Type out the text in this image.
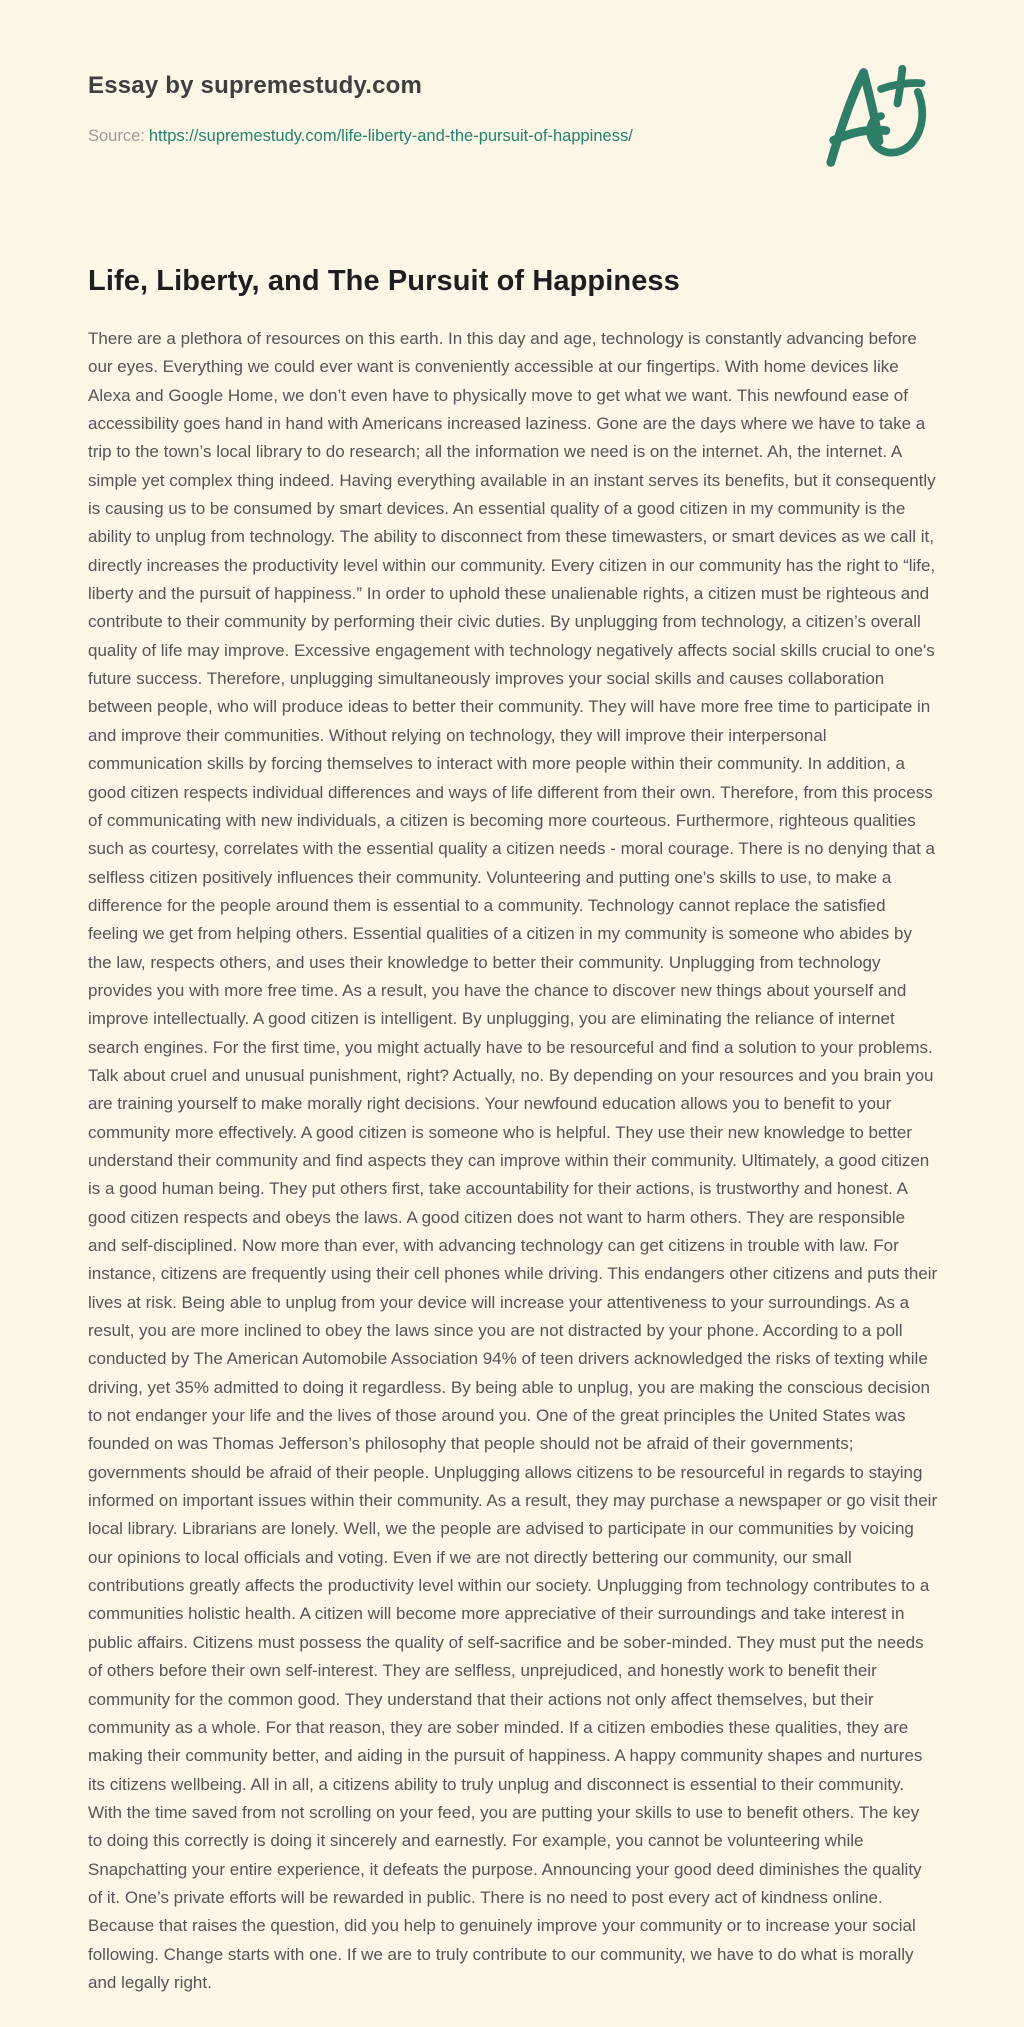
Essay by supremestudy.com

Source: https://supremestudy.com/life-liberty-and-the-pursuit-of-happiness/

Life, Liberty, and The Pursuit of Happiness

There are a plethora of resources on this earth. In this day and age, technology is constantly advancing before our eyes. Everything we could ever want is conveniently accessible at our fingertips. With home devices like Alexa and Google Home, we don’t even have to physically move to get what we want. This newfound ease of accessibility goes hand in hand with Americans increased laziness. Gone are the days where we have to take a trip to the town’s local library to do research; all the information we need is on the internet. Ah, the internet. A simple yet complex thing indeed. Having everything available in an instant serves its benefits, but it consequently is causing us to be consumed by smart devices. An essential quality of a good citizen in my community is the ability to unplug from technology. The ability to disconnect from these timewasters, or smart devices as we call it, directly increases the productivity level within our community. Every citizen in our community has the right to “life, liberty and the pursuit of happiness.” In order to uphold these unalienable rights, a citizen must be righteous and contribute to their community by performing their civic duties. By unplugging from technology, a citizen’s overall quality of life may improve. Excessive engagement with technology negatively affects social skills crucial to one's future success. Therefore, unplugging simultaneously improves your social skills and causes collaboration between people, who will produce ideas to better their community. They will have more free time to participate in and improve their communities. Without relying on technology, they will improve their interpersonal communication skills by forcing themselves to interact with more people within their community. In addition, a good citizen respects individual differences and ways of life different from their own. Therefore, from this process of communicating with new individuals, a citizen is becoming more courteous. Furthermore, righteous qualities such as courtesy, correlates with the essential quality a citizen needs - moral courage. There is no denying that a selfless citizen positively influences their community. Volunteering and putting one's skills to use, to make a difference for the people around them is essential to a community. Technology cannot replace the satisfied feeling we get from helping others. Essential qualities of a citizen in my community is someone who abides by the law, respects others, and uses their knowledge to better their community. Unplugging from technology provides you with more free time. As a result, you have the chance to discover new things about yourself and improve intellectually. A good citizen is intelligent. By unplugging, you are eliminating the reliance of internet search engines. For the first time, you might actually have to be resourceful and find a solution to your problems. Talk about cruel and unusual punishment, right? Actually, no. By depending on your resources and you brain you are training yourself to make morally right decisions. Your newfound education allows you to benefit to your community more effectively. A good citizen is someone who is helpful. They use their new knowledge to better understand their community and find aspects they can improve within their community. Ultimately, a good citizen is a good human being. They put others first, take accountability for their actions, is trustworthy and honest. A good citizen respects and obeys the laws. A good citizen does not want to harm others. They are responsible and self-disciplined. Now more than ever, with advancing technology can get citizens in trouble with law. For instance, citizens are frequently using their cell phones while driving. This endangers other citizens and puts their lives at risk. Being able to unplug from your device will increase your attentiveness to your surroundings. As a result, you are more inclined to obey the laws since you are not distracted by your phone. According to a poll conducted by The American Automobile Association 94% of teen drivers acknowledged the risks of texting while driving, yet 35% admitted to doing it regardless. By being able to unplug, you are making the conscious decision to not endanger your life and the lives of those around you. One of the great principles the United States was founded on was Thomas Jefferson’s philosophy that people should not be afraid of their governments; governments should be afraid of their people. Unplugging allows citizens to be resourceful in regards to staying informed on important issues within their community. As a result, they may purchase a newspaper or go visit their local library. Librarians are lonely. Well, we the people are advised to participate in our communities by voicing our opinions to local officials and voting. Even if we are not directly bettering our community, our small contributions greatly affects the productivity level within our society. Unplugging from technology contributes to a communities holistic health. A citizen will become more appreciative of their surroundings and take interest in public affairs. Citizens must possess the quality of self-sacrifice and be sober-minded. They must put the needs of others before their own self-interest. They are selfless, unprejudiced, and honestly work to benefit their community for the common good. They understand that their actions not only affect themselves, but their community as a whole. For that reason, they are sober minded. If a citizen embodies these qualities, they are making their community better, and aiding in the pursuit of happiness. A happy community shapes and nurtures its citizens wellbeing. All in all, a citizens ability to truly unplug and disconnect is essential to their community. With the time saved from not scrolling on your feed, you are putting your skills to use to benefit others. The key to doing this correctly is doing it sincerely and earnestly. For example, you cannot be volunteering while Snapchatting your entire experience, it defeats the purpose. Announcing your good deed diminishes the quality of it. One’s private efforts will be rewarded in public. There is no need to post every act of kindness online. Because that raises the question, did you help to genuinely improve your community or to increase your social following. Change starts with one. If we are to truly contribute to our community, we have to do what is morally and legally right.
